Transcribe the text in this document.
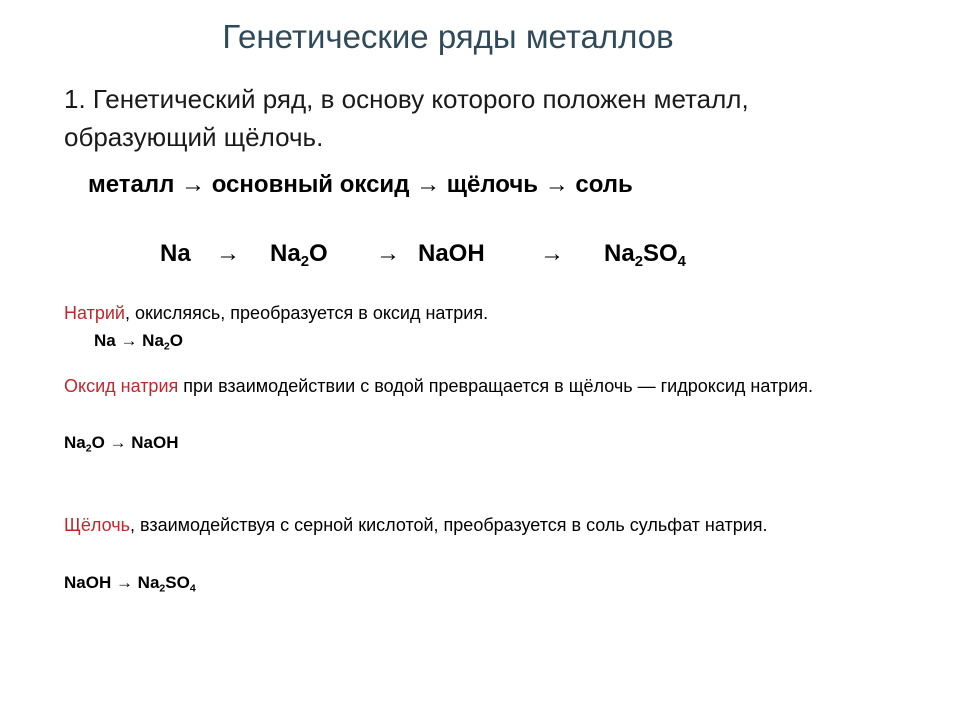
Генетические ряды металлов
1. Генетический ряд, в основу которого положен металл, образующий щёлочь.
металл → основный оксид → щёлочь → соль
$Na \to Na_2O$ → NaOH → $Na_2SO_4$
Натрий, окисляясь, преобразуется в оксид натрия.
$Na \to Na_2O$
Оксид натрия при взаимодействии с водой превращается в щёлочь — гидроксид натрия.
$Na_2O$ → NaOH
Щёлочь, взаимодействуя с серной кислотой, преобразуется в соль сульфат натрия.
NaOH → $Na_2SO_4$
